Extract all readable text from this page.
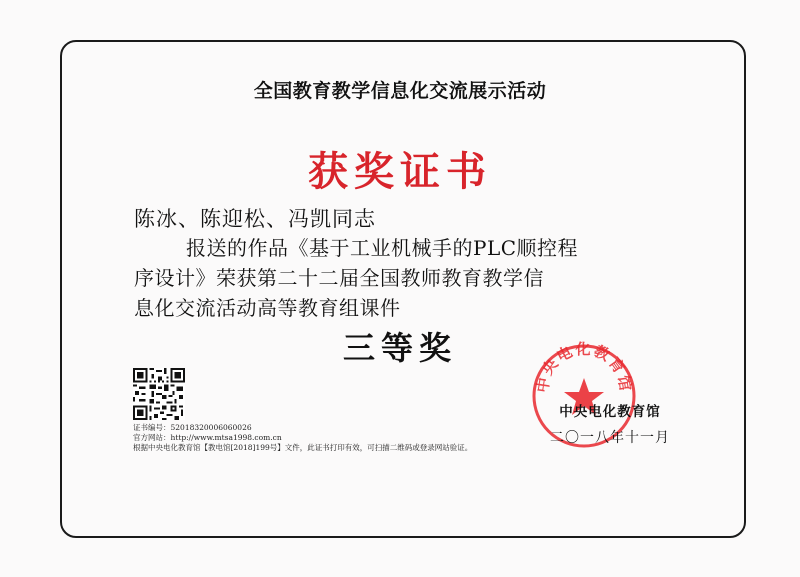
全国教育教学信息化交流展示活动
获奖证书
陈冰、陈迎松、冯凯同志
报送的作品《基于工业机械手的PLC顺控程
序设计》荣获第二十二届全国教师教育教学信
息化交流活动高等教育组课件
三等奖
证书编号：52018320006060026
官方网站：http://www.mtsa1998.com.cn
根据中央电化教育馆【教电馆[2018]199号】文件，此证书打印有效，可扫描二维码或登录网站验证。
中央电化教育馆
中央电化教育馆
二〇一八年十一月
